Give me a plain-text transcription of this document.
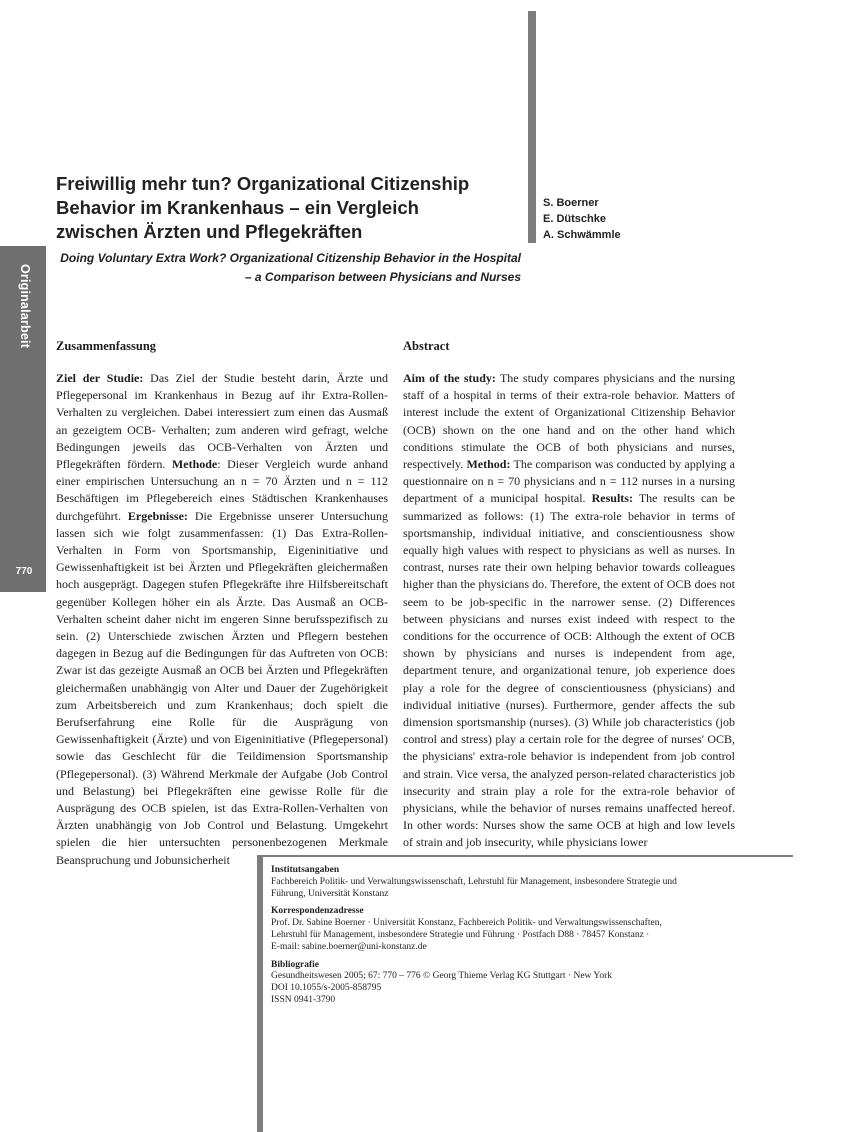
Originalarbeit
770
Freiwillig mehr tun? Organizational Citizenship
Behavior im Krankenhaus – ein Vergleich
zwischen Ärzten und Pflegekräften
S. Boerner
E. Dütschke
A. Schwämmle
Doing Voluntary Extra Work? Organizational Citizenship Behavior in the Hospital
– a Comparison between Physicians and Nurses
Zusammenfassung
Ziel der Studie: Das Ziel der Studie besteht darin, Ärzte und Pflegepersonal im Krankenhaus in Bezug auf ihr Extra-Rollen-Verhalten zu vergleichen. Dabei interessiert zum einen das Ausmaß an gezeigtem OCB- Verhalten; zum anderen wird gefragt, welche Bedingungen jeweils das OCB-Verhalten von Ärzten und Pflegekräften fördern. Methode: Dieser Vergleich wurde anhand einer empirischen Untersuchung an n = 70 Ärzten und n = 112 Beschäftigen im Pflegebereich eines Städtischen Krankenhauses durchgeführt. Ergebnisse: Die Ergebnisse unserer Untersuchung lassen sich wie folgt zusammenfassen: (1) Das Extra-Rollen-Verhalten in Form von Sportsmanship, Eigeninitiative und Gewissenhaftigkeit ist bei Ärzten und Pflegekräften gleichermaßen hoch ausgeprägt. Dagegen stufen Pflegekräfte ihre Hilfsbereitschaft gegenüber Kollegen höher ein als Ärzte. Das Ausmaß an OCB-Verhalten scheint daher nicht im engeren Sinne berufsspezifisch zu sein. (2) Unterschiede zwischen Ärzten und Pflegern bestehen dagegen in Bezug auf die Bedingungen für das Auftreten von OCB: Zwar ist das gezeigte Ausmaß an OCB bei Ärzten und Pflegekräften gleichermaßen unabhängig von Alter und Dauer der Zugehörigkeit zum Arbeitsbereich und zum Krankenhaus; doch spielt die Berufserfahrung eine Rolle für die Ausprägung von Gewissenhaftigkeit (Ärzte) und von Eigeninitiative (Pflegepersonal) sowie das Geschlecht für die Teildimension Sportsmanship (Pflegepersonal). (3) Während Merkmale der Aufgabe (Job Control und Belastung) bei Pflegekräften eine gewisse Rolle für die Ausprägung des OCB spielen, ist das Extra-Rollen-Verhalten von Ärzten unabhängig von Job Control und Belastung. Umgekehrt spielen die hier untersuchten personenbezogenen Merkmale Beanspruchung und Jobunsicherheit
Abstract
Aim of the study: The study compares physicians and the nursing staff of a hospital in terms of their extra-role behavior. Matters of interest include the extent of Organizational Citizenship Behavior (OCB) shown on the one hand and on the other hand which conditions stimulate the OCB of both physicians and nurses, respectively. Method: The comparison was conducted by applying a questionnaire on n = 70 physicians and n = 112 nurses in a nursing department of a municipal hospital. Results: The results can be summarized as follows: (1) The extra-role behavior in terms of sportsmanship, individual initiative, and conscientiousness show equally high values with respect to physicians as well as nurses. In contrast, nurses rate their own helping behavior towards colleagues higher than the physicians do. Therefore, the extent of OCB does not seem to be job-specific in the narrower sense. (2) Differences between physicians and nurses exist indeed with respect to the conditions for the occurrence of OCB: Although the extent of OCB shown by physicians and nurses is independent from age, department tenure, and organizational tenure, job experience does play a role for the degree of conscientiousness (physicians) and individual initiative (nurses). Furthermore, gender affects the sub dimension sportsmanship (nurses). (3) While job characteristics (job control and stress) play a certain role for the degree of nurses' OCB, the physicians' extra-role behavior is independent from job control and strain. Vice versa, the analyzed person-related characteristics job insecurity and strain play a role for the extra-role behavior of physicians, while the behavior of nurses remains unaffected hereof. In other words: Nurses show the same OCB at high and low levels of strain and job insecurity, while physicians lower
Institutsangaben
Fachbereich Politik- und Verwaltungswissenschaft, Lehrstuhl für Management, insbesondere Strategie und
Führung, Universität Konstanz
Korrespondenzadresse
Prof. Dr. Sabine Boerner · Universität Konstanz, Fachbereich Politik- und Verwaltungswissenschaften,
Lehrstuhl für Management, insbesondere Strategie und Führung · Postfach D88 · 78457 Konstanz ·
E-mail: sabine.boerner@uni-konstanz.de
Bibliografie
Gesundheitswesen 2005; 67: 770 – 776 © Georg Thieme Verlag KG Stuttgart · New York
DOI 10.1055/s-2005-858795
ISSN 0941-3790
